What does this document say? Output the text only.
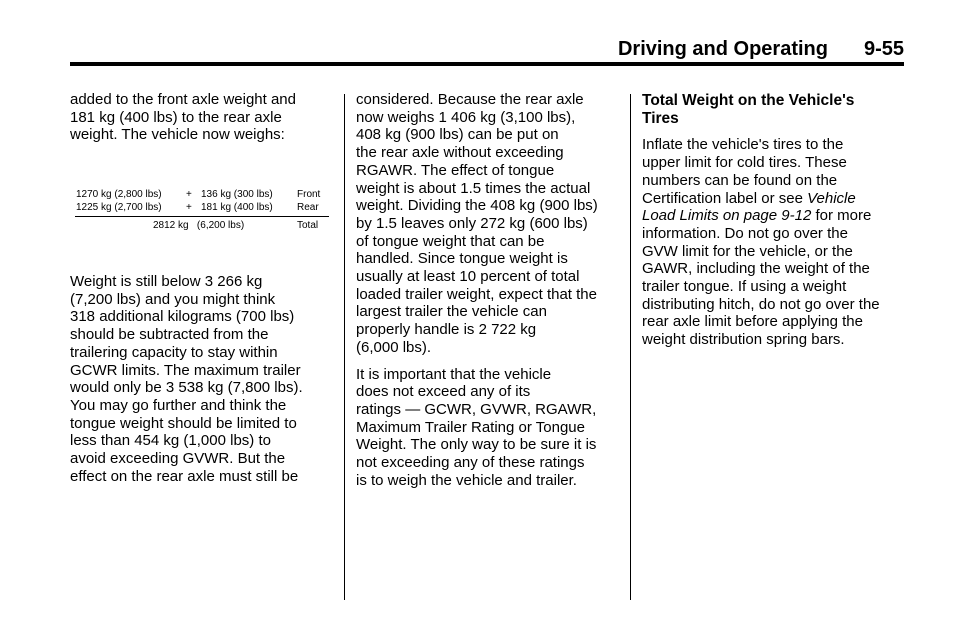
Driving and Operating 9-55
added to the front axle weight and
181 kg (400 lbs) to the rear axle
weight. The vehicle now weighs:
1270 kg (2,800 lbs) + 136 kg (300 lbs) Front
1225 kg (2,700 lbs) + 181 kg (400 lbs) Rear
2812 kg   (6,200 lbs)	Total
Weight is still below 3 266 kg
(7,200 lbs) and you might think
318 additional kilograms (700 lbs)
should be subtracted from the
trailering capacity to stay within
GCWR limits. The maximum trailer
would only be 3 538 kg (7,800 lbs).
You may go further and think the
tongue weight should be limited to
less than 454 kg (1,000 lbs) to
avoid exceeding GVWR. But the
effect on the rear axle must still be
considered. Because the rear axle
now weighs 1 406 kg (3,100 lbs),
408 kg (900 lbs) can be put on
the rear axle without exceeding
RGAWR. The effect of tongue
weight is about 1.5 times the actual
weight. Dividing the 408 kg (900 lbs)
by 1.5 leaves only 272 kg (600 lbs)
of tongue weight that can be
handled. Since tongue weight is
usually at least 10 percent of total
loaded trailer weight, expect that the
largest trailer the vehicle can
properly handle is 2 722 kg
(6,000 lbs).
It is important that the vehicle
does not exceed any of its
ratings — GCWR, GVWR, RGAWR,
Maximum Trailer Rating or Tongue
Weight. The only way to be sure it is
not exceeding any of these ratings
is to weigh the vehicle and trailer.
Total Weight on the Vehicle's
Tires
Inflate the vehicle's tires to the
upper limit for cold tires. These
numbers can be found on the
Certification label or see Vehicle
Load Limits on page 9-12 for more
information. Do not go over the
GVW limit for the vehicle, or the
GAWR, including the weight of the
trailer tongue. If using a weight
distributing hitch, do not go over the
rear axle limit before applying the
weight distribution spring bars.
